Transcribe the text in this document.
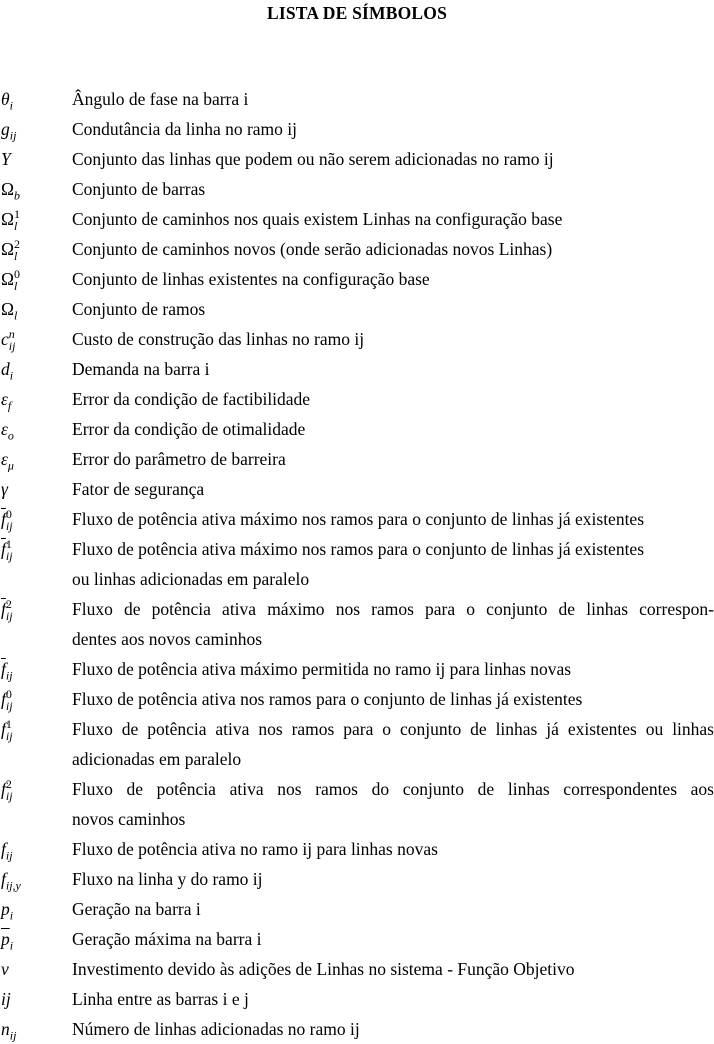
LISTA DE SÍMBOLOS
$\theta_i$	Ângulo de fase na barra i
$g_{ij}$	Condutância da linha no ramo ij
Y	Conjunto das linhas que podem ou não serem adicionadas no ramo ij
$\Omega_b$	Conjunto de barras
$\Omega^1_l$	Conjunto de caminhos nos quais existem Linhas na configuração base
$\Omega^2_l$	Conjunto de caminhos novos (onde serão adicionadas novos Linhas)
$\Omega^0_l$	Conjunto de linhas existentes na configuração base
$\Omega_l$	Conjunto de ramos
$c^n_{ij}$	Custo de construção das linhas no ramo ij
$d_i$	Demanda na barra i
$\varepsilon_f$	Error da condição de factibilidade
$\varepsilon_o$	Error da condição de otimalidade
$\varepsilon_\mu$	Error do parâmetro de barreira
γ	Fator de segurança
$\overline{f}^0_{ij}$	Fluxo de potência ativa máximo nos ramos para o conjunto de linhas já existentes
$\overline{f}^1_{ij}$	Fluxo de potência ativa máximo nos ramos para o conjunto de linhas já existentes
ou linhas adicionadas em paralelo
$\overline{f}^2_{ij}$	Fluxo de potência ativa máximo nos ramos para o conjunto de linhas correspon-
dentes aos novos caminhos
$\overline{f}_{ij}$	Fluxo de potência ativa máximo permitida no ramo ij para linhas novas
$f^0_{ij}$	Fluxo de potência ativa nos ramos para o conjunto de linhas já existentes
$f^1_{ij}$	Fluxo de potência ativa nos ramos para o conjunto de linhas já existentes ou linhas
adicionadas em paralelo
$f^2_{ij}$	Fluxo de potência ativa nos ramos do conjunto de linhas correspondentes aos
novos caminhos
$f_{ij}$	Fluxo de potência ativa no ramo ij para linhas novas
$f_{ij,y}$	Fluxo na linha y do ramo ij
$p_i$	Geração na barra i
$\overline{p}_i$	Geração máxima na barra i
v	Investimento devido às adições de Linhas no sistema - Função Objetivo
ij	Linha entre as barras i e j
$n_{ij}$	Número de linhas adicionadas no ramo ij
